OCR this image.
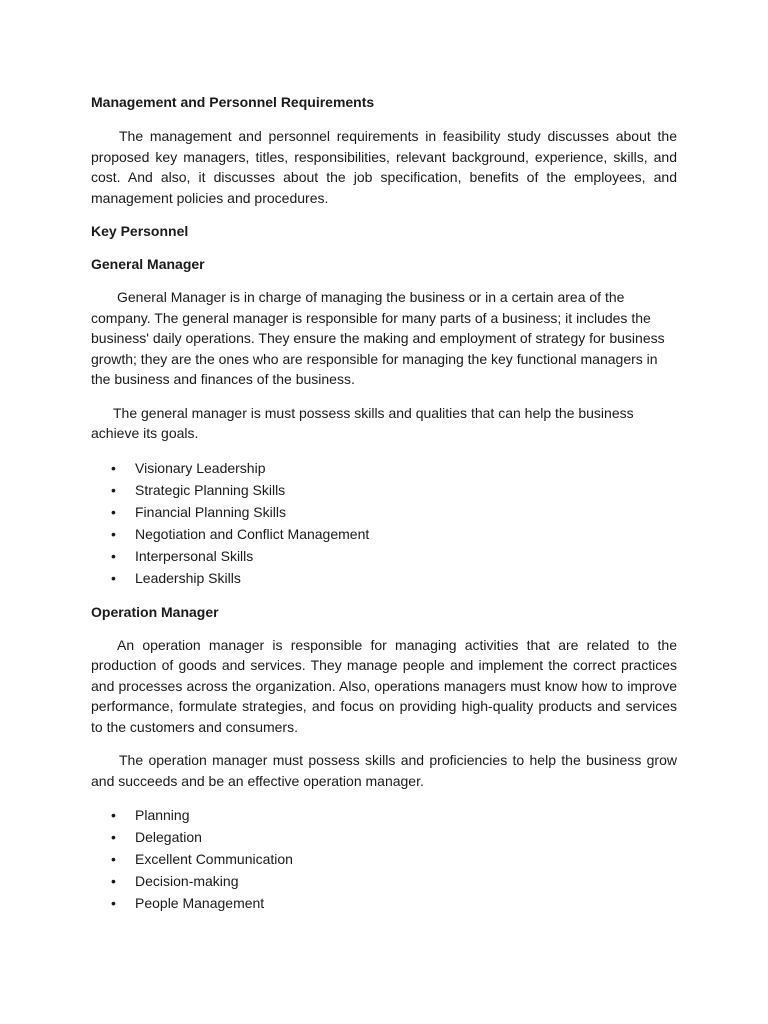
Management and Personnel Requirements

The management and personnel requirements in feasibility study discusses about the proposed key managers, titles, responsibilities, relevant background, experience, skills, and cost. And also, it discusses about the job specification, benefits of the employees, and management policies and procedures.

Key Personnel
General Manager

General Manager is in charge of managing the business or in a certain area of the company. The general manager is responsible for many parts of a business; it includes the business' daily operations. They ensure the making and employment of strategy for business growth; they are the ones who are responsible for managing the key functional managers in the business and finances of the business.

The general manager is must possess skills and qualities that can help the business achieve its goals.

• Visionary Leadership
• Strategic Planning Skills
• Financial Planning Skills
• Negotiation and Conflict Management
• Interpersonal Skills
• Leadership Skills
Operation Manager

An operation manager is responsible for managing activities that are related to the production of goods and services. They manage people and implement the correct practices and processes across the organization. Also, operations managers must know how to improve performance, formulate strategies, and focus on providing high-quality products and services to the customers and consumers.

The operation manager must possess skills and proficiencies to help the business grow and succeeds and be an effective operation manager.

• Planning
• Delegation
• Excellent Communication
• Decision-making
• People Management
